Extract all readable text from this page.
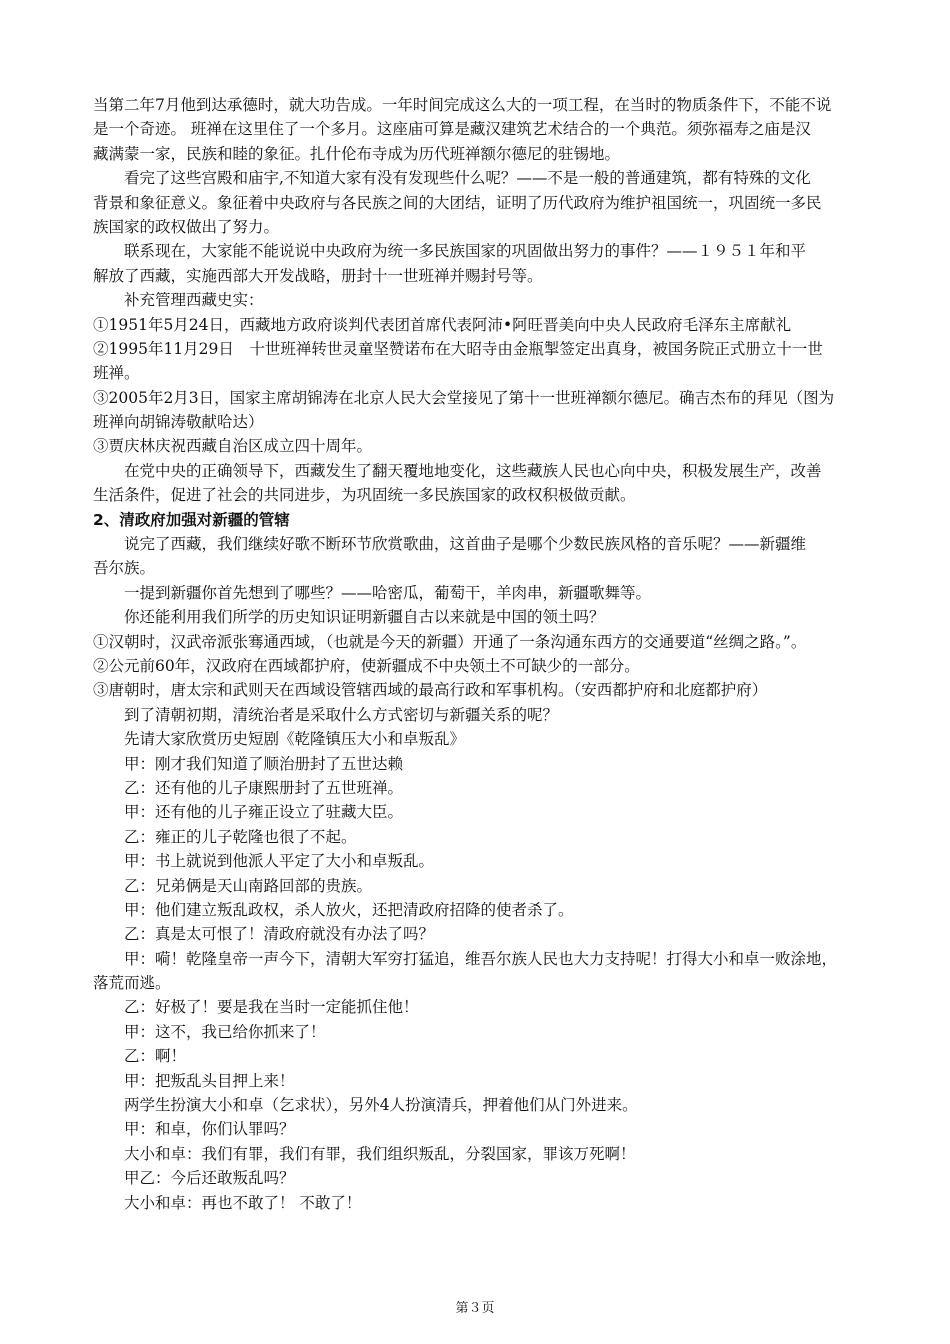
当第二年7月他到达承德时，就大功告成。一年时间完成这么大的一项工程，在当时的物质条件下，不能不说
是一个奇迹。 班禅在这里住了一个多月。这座庙可算是藏汉建筑艺术结合的一个典范。须弥福寿之庙是汉
藏满蒙一家，民族和睦的象征。扎什伦布寺成为历代班禅额尔德尼的驻锡地。
看完了这些宫殿和庙宇,不知道大家有没有发现些什么呢？——不是一般的普通建筑，都有特殊的文化
背景和象征意义。象征着中央政府与各民族之间的大团结，证明了历代政府为维护祖国统一，巩固统一多民
族国家的政权做出了努力。
联系现在，大家能不能说说中央政府为统一多民族国家的巩固做出努力的事件？——１９５１年和平
解放了西藏，实施西部大开发战略，册封十一世班禅并赐封号等。
补充管理西藏史实：
①1951年5月24日，西藏地方政府谈判代表团首席代表阿沛•阿旺晋美向中央人民政府毛泽东主席献礼
②1995年11月29日　十世班禅转世灵童坚赞诺布在大昭寺由金瓶掣签定出真身，被国务院正式册立十一世
班禅。
③2005年2月3日，国家主席胡锦涛在北京人民大会堂接见了第十一世班禅额尔德尼。确吉杰布的拜见（图为
班禅向胡锦涛敬献哈达）
③贾庆林庆祝西藏自治区成立四十周年。
在党中央的正确领导下，西藏发生了翻天覆地地变化，这些藏族人民也心向中央，积极发展生产，改善
生活条件，促进了社会的共同进步，为巩固统一多民族国家的政权积极做贡献。
2、清政府加强对新疆的管辖
说完了西藏，我们继续好歌不断环节欣赏歌曲，这首曲子是哪个少数民族风格的音乐呢？——新疆维
吾尔族。
一提到新疆你首先想到了哪些？——哈密瓜，葡萄干，羊肉串，新疆歌舞等。
你还能利用我们所学的历史知识证明新疆自古以来就是中国的领土吗？
①汉朝时，汉武帝派张骞通西域，（也就是今天的新疆）开通了一条沟通东西方的交通要道“丝绸之路。”。
②公元前60年，汉政府在西域都护府，使新疆成不中央领土不可缺少的一部分。
③唐朝时，唐太宗和武则天在西域设管辖西域的最高行政和军事机构。（安西都护府和北庭都护府）
到了清朝初期，清统治者是采取什么方式密切与新疆关系的呢？
先请大家欣赏历史短剧《乾隆镇压大小和卓叛乱》
甲：刚才我们知道了顺治册封了五世达赖
乙：还有他的儿子康熙册封了五世班禅。
甲：还有他的儿子雍正设立了驻藏大臣。
乙：雍正的儿子乾隆也很了不起。
甲：书上就说到他派人平定了大小和卓叛乱。
乙：兄弟俩是天山南路回部的贵族。
甲：他们建立叛乱政权，杀人放火，还把清政府招降的使者杀了。
乙：真是太可恨了！清政府就没有办法了吗？
甲：嗬！乾隆皇帝一声今下，清朝大军穷打猛追，维吾尔族人民也大力支持呢！打得大小和卓一败涂地，
落荒而逃。
乙：好极了！要是我在当时一定能抓住他！
甲：这不，我已给你抓来了！
乙：啊！
甲：把叛乱头目押上来！
两学生扮演大小和卓（乞求状），另外4人扮演清兵，押着他们从门外进来。
甲：和卓，你们认罪吗？
大小和卓：我们有罪，我们有罪，我们组织叛乱，分裂国家，罪该万死啊！
甲乙：今后还敢叛乱吗？
大小和卓：再也不敢了！ 不敢了！
第３页
